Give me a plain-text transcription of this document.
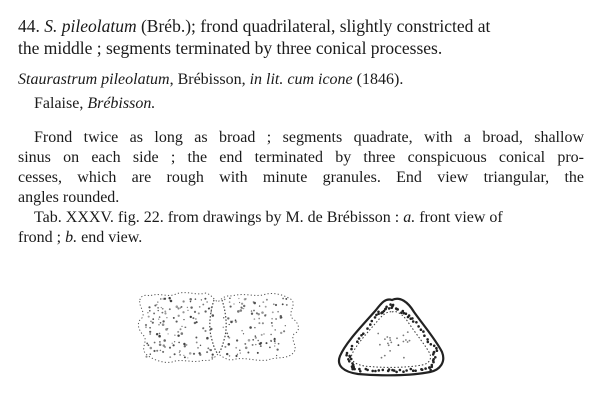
44. S. pileolatum (Bréb.); frond quadrilateral, slightly constricted at
the middle ; segments terminated by three conical processes.
Staurastrum pileolatum, Brébisson, in lit. cum icone (1846).
Falaise, Brébisson.
Frond twice as long as broad ; segments quadrate, with a broad, shallow
sinus on each side ; the end terminated by three conspicuous conical pro-
cesses, which are rough with minute granules. End view triangular, the
angles rounded.
Tab. XXXV. fig. 22. from drawings by M. de Brébisson : a. front view of
frond ; b. end view.
